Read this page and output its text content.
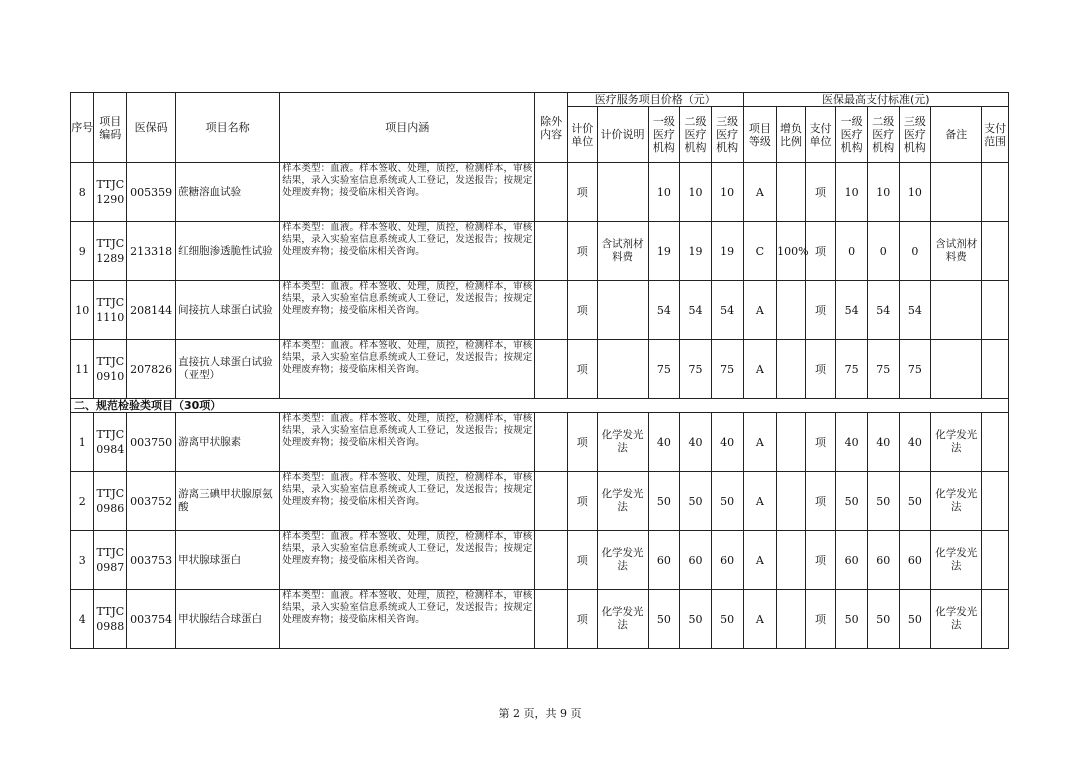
序号	项目编码	医保码	项目名称	项目内涵	除外内容	医疗服务项目价格（元）					医保最高支付标准(元)							
						计价单位	计价说明	一级医疗机构	二级医疗机构	三级医疗机构	项目等级	增负比例	支付单位	一级医疗机构	二级医疗机构	三级医疗机构	备注	支付范围
8	TTJC 1290	005359	蔗糖溶血试验	样本类型：血液。样本签收、处理，质控，检测样本，审核结果，录入实验室信息系统或人工登记，发送报告；按规定处理废弃物；接受临床相关咨询。		项		10	10	10	A		项	10	10	10		
9	TTJC 1289	213318	红细胞渗透脆性试验	样本类型：血液。样本签收、处理，质控，检测样本，审核结果，录入实验室信息系统或人工登记，发送报告；按规定处理废弃物；接受临床相关咨询。		项	含试剂材料费	19	19	19	C	100%	项	0	0	0	含试剂材料费	
10	TTJC 1110	208144	间接抗人球蛋白试验	样本类型：血液。样本签收、处理，质控，检测样本，审核结果，录入实验室信息系统或人工登记，发送报告；按规定处理废弃物；接受临床相关咨询。		项		54	54	54	A		项	54	54	54		
11	TTJC 0910	207826	直接抗人球蛋白试验（亚型）	样本类型：血液。样本签收、处理，质控，检测样本，审核结果，录入实验室信息系统或人工登记，发送报告；按规定处理废弃物；接受临床相关咨询。		项		75	75	75	A		项	75	75	75		
二、规范检验类项目（30项）																		
1	TTJC 0984	003750	游离甲状腺素	样本类型：血液。样本签收、处理，质控，检测样本，审核结果，录入实验室信息系统或人工登记，发送报告；按规定处理废弃物；接受临床相关咨询。		项	化学发光法	40	40	40	A		项	40	40	40	化学发光法	
2	TTJC 0986	003752	游离三碘甲状腺原氨酸	样本类型：血液。样本签收、处理，质控，检测样本，审核结果，录入实验室信息系统或人工登记，发送报告；按规定处理废弃物；接受临床相关咨询。		项	化学发光法	50	50	50	A		项	50	50	50	化学发光法	
3	TTJC 0987	003753	甲状腺球蛋白	样本类型：血液。样本签收、处理，质控，检测样本，审核结果，录入实验室信息系统或人工登记，发送报告；按规定处理废弃物；接受临床相关咨询。		项	化学发光法	60	60	60	A		项	60	60	60	化学发光法	
4	TTJC 0988	003754	甲状腺结合球蛋白	样本类型：血液。样本签收、处理，质控，检测样本，审核结果，录入实验室信息系统或人工登记，发送报告；按规定处理废弃物；接受临床相关咨询。		项	化学发光法	50	50	50	A		项	50	50	50	化学发光法	
第 2 页，共 9 页
